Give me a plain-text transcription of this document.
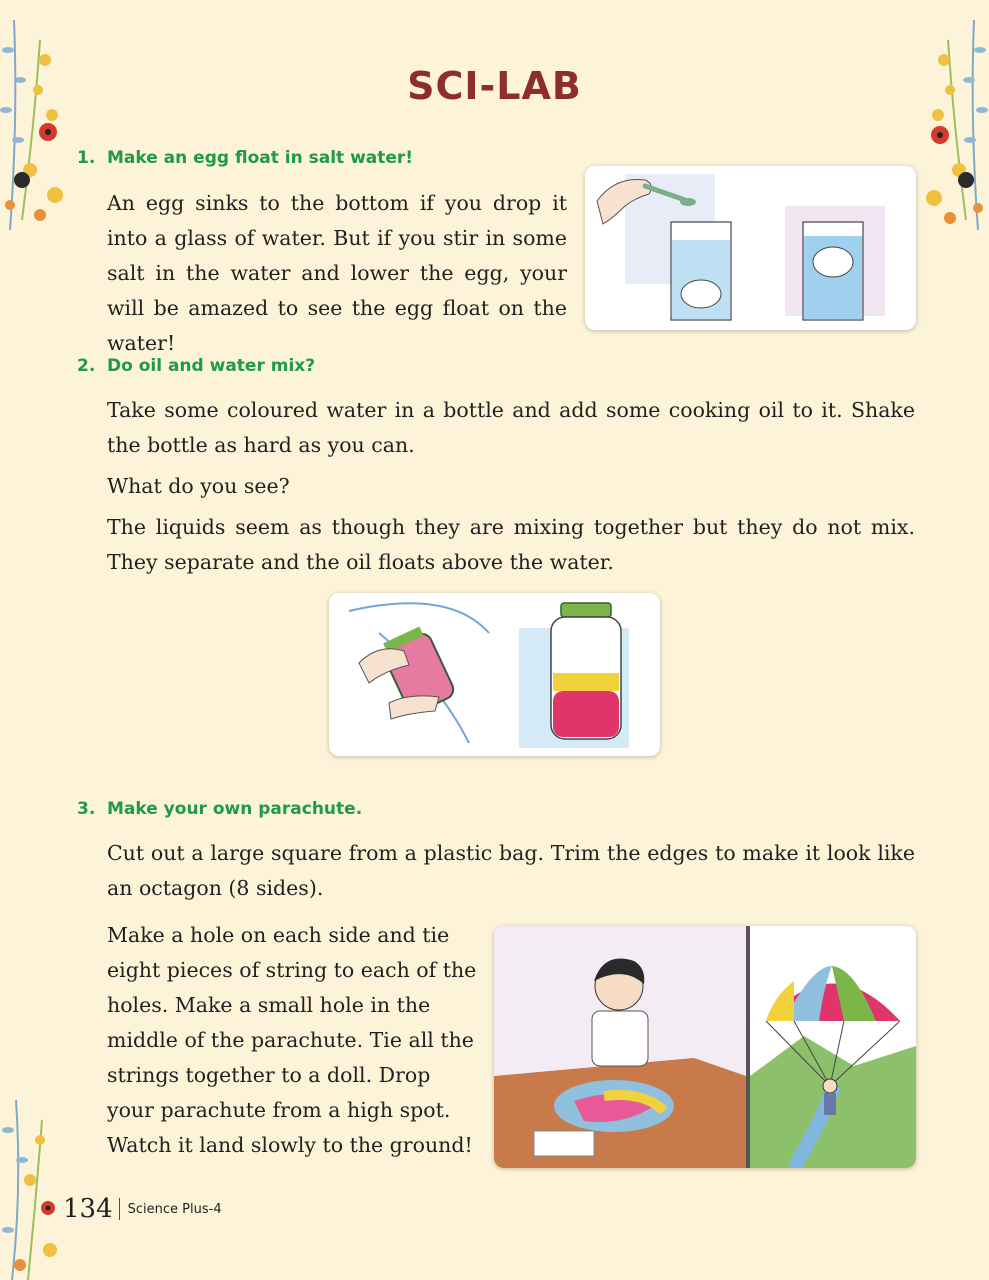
SCI-LAB
1. Make an egg float in salt water!
An egg sinks to the bottom if you drop it into a glass of water. But if you stir in some salt in the water and lower the egg, your will be amazed to see the egg float on the water!
2. Do oil and water mix?
Take some coloured water in a bottle and add some cooking oil to it. Shake the bottle as hard as you can.
What do you see?
The liquids seem as though they are mixing together but they do not mix. They separate and the oil floats above the water.
3. Make your own parachute.
Cut out a large square from a plastic bag. Trim the edges to make it look like an octagon (8 sides).
Make a hole on each side and tie eight pieces of string to each of the holes. Make a small hole in the middle of the parachute. Tie all the strings together to a doll. Drop your parachute from a high spot. Watch it land slowly to the ground!
134 Science Plus-4
